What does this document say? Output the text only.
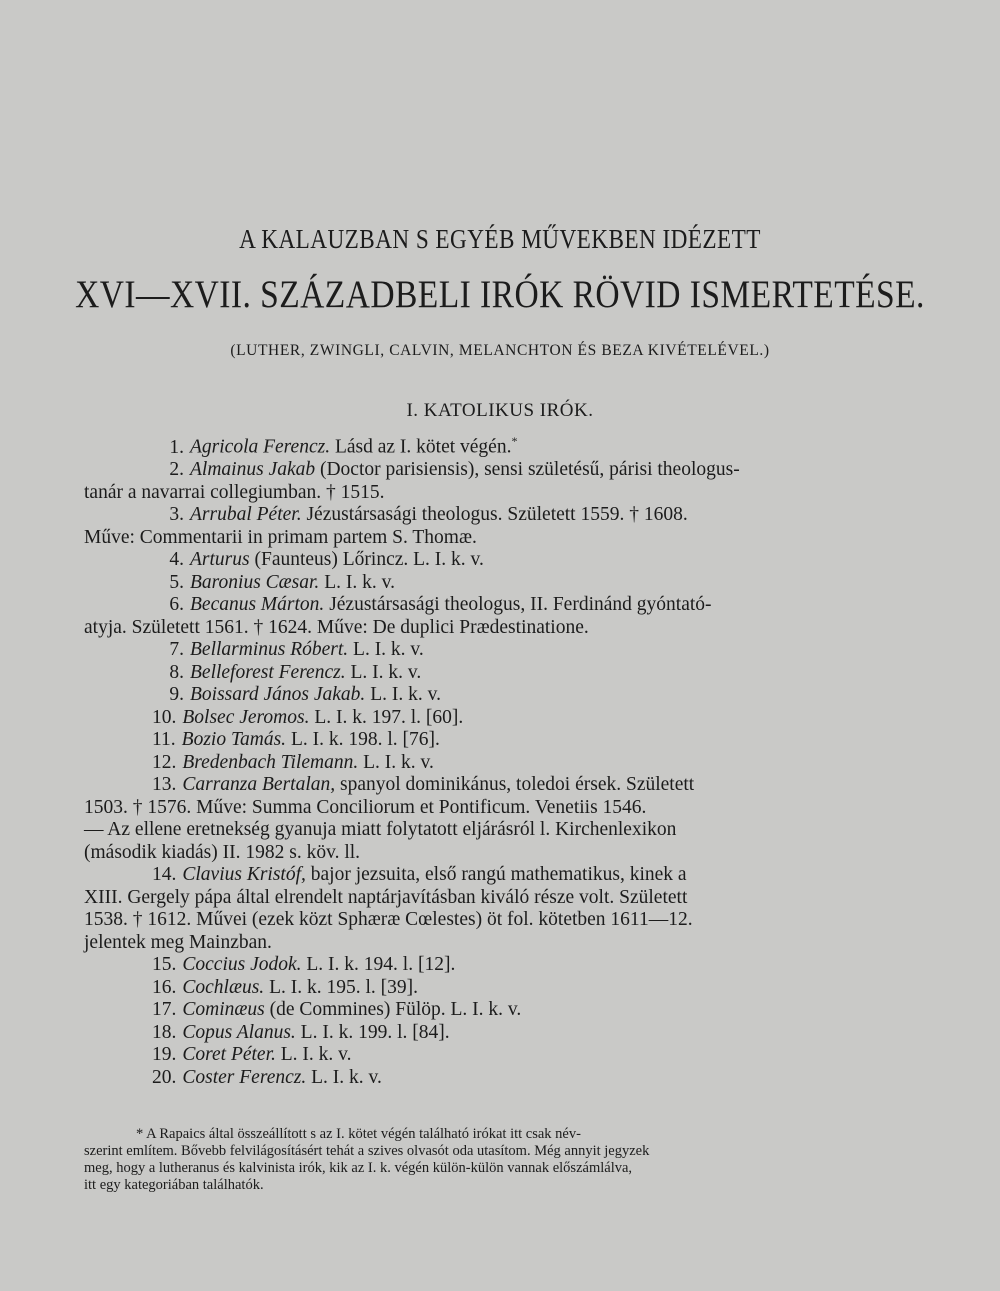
A KALAUZBAN S EGYÉB MŰVEKBEN IDÉZETT
XVI—XVII. SZÁZADBELI IRÓK RÖVID ISMERTETÉSE.
(LUTHER, ZWINGLI, CALVIN, MELANCHTON ÉS BEZA KIVÉTELÉVEL.)
I. KATOLIKUS IRÓK.
1. Agricola Ferencz. Lásd az I. kötet végén.*
2. Almainus Jakab (Doctor parisiensis), sensi születésű, párisi theologus-
tanár a navarrai collegiumban. † 1515.
3. Arrubal Péter. Jézustársasági theologus. Született 1559. † 1608.
Műve: Commentarii in primam partem S. Thomæ.
4. Arturus (Faunteus) Lőrincz. L. I. k. v.
5. Baronius Cæsar. L. I. k. v.
6. Becanus Márton. Jézustársasági theologus, II. Ferdinánd gyóntató-
atyja. Született 1561. † 1624. Műve: De duplici Prædestinatione.
7. Bellarminus Róbert. L. I. k. v.
8. Belleforest Ferencz. L. I. k. v.
9. Boissard János Jakab. L. I. k. v.
10. Bolsec Jeromos. L. I. k. 197. l. [60].
11. Bozio Tamás. L. I. k. 198. l. [76].
12. Bredenbach Tilemann. L. I. k. v.
13. Carranza Bertalan, spanyol dominikánus, toledoi érsek. Született
1503. † 1576. Műve: Summa Conciliorum et Pontificum. Venetiis 1546.
— Az ellene eretnekség gyanuja miatt folytatott eljárásról l. Kirchenlexikon
(második kiadás) II. 1982 s. köv. ll.
14. Clavius Kristóf, bajor jezsuita, első rangú mathematikus, kinek a
XIII. Gergely pápa által elrendelt naptárjavításban kiváló része volt. Született
1538. † 1612. Művei (ezek közt Sphæræ Cœlestes) öt fol. kötetben 1611—12.
jelentek meg Mainzban.
15. Coccius Jodok. L. I. k. 194. l. [12].
16. Cochlæus. L. I. k. 195. l. [39].
17. Cominæus (de Commines) Fülöp. L. I. k. v.
18. Copus Alanus. L. I. k. 199. l. [84].
19. Coret Péter. L. I. k. v.
20. Coster Ferencz. L. I. k. v.
* A Rapaics által összeállított s az I. kötet végén található irókat itt csak név-
szerint említem. Bővebb felvilágosításért tehát a szives olvasót oda utasítom. Még annyit jegyzek
meg, hogy a lutheranus és kalvinista irók, kik az I. k. végén külön-külön vannak előszámlálva,
itt egy kategoriában találhatók.
